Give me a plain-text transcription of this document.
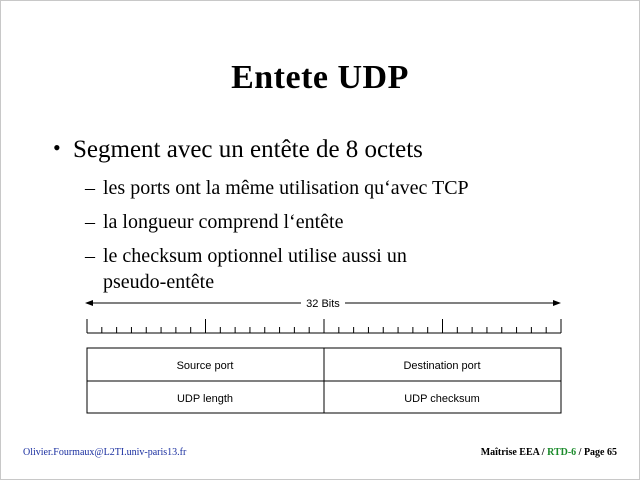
Entete UDP
• Segment avec un entête de 8 octets
– les ports ont la même utilisation qu‘avec TCP
– la longueur comprend l‘entête
– le checksum optionnel utilise aussi un
pseudo-entête
32 Bits
Source port	Destination port
UDP length	UDP checksum
Olivier.Fourmaux@L2TI.univ-paris13.fr	Maîtrise EEA / RTD-6 / Page 65
